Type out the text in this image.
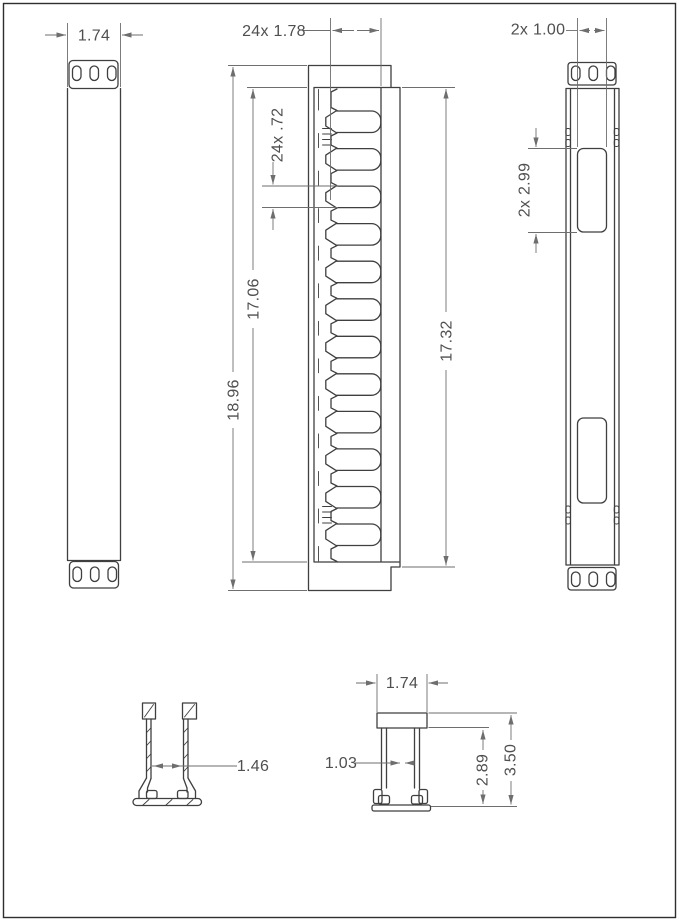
1.74	24x 1.78
24x .72
17.06
18.96
17.32
2x 1.00
2x 2.99
1.46
1.74
1.03	2.89 3.50
